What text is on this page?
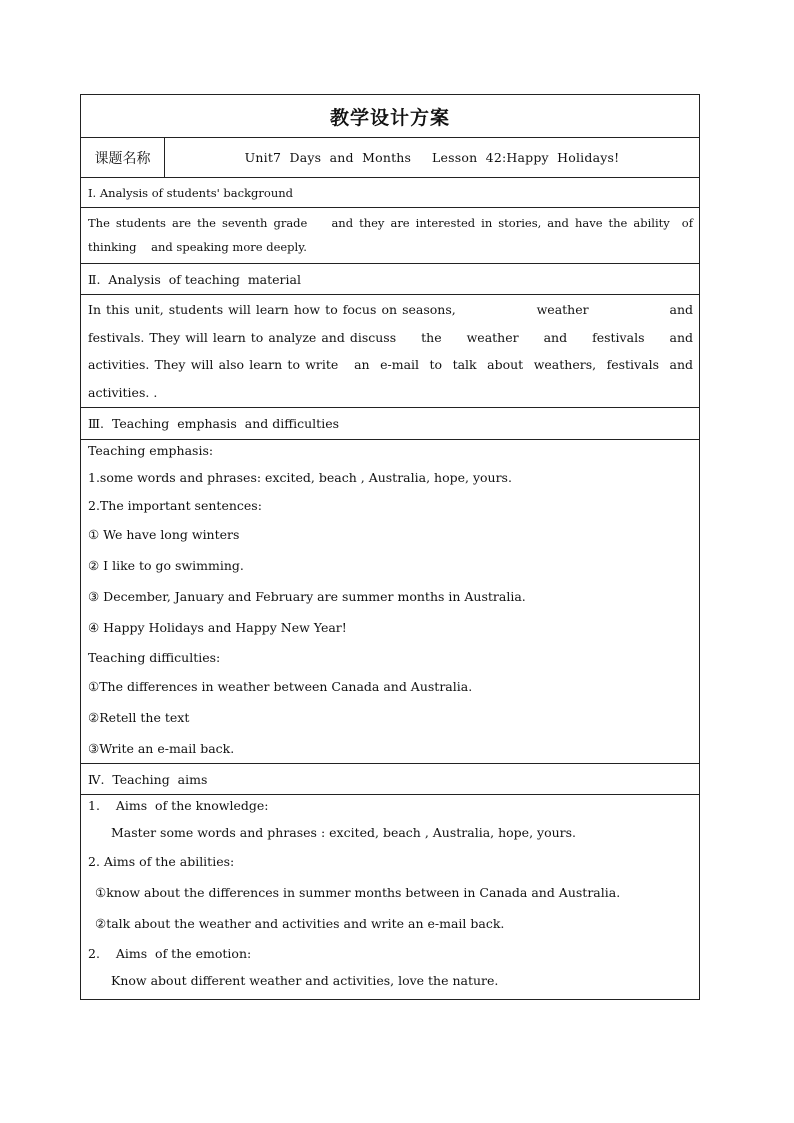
教学设计方案
课题名称	Unit7  Days  and  Months     Lesson  42:Happy  Holidays!
Ⅰ. Analysis of students' background
The students are the seventh grade    and they are interested in stories, and have the ability  of thinking    and speaking more deeply.
Ⅱ.  Analysis  of teaching  material
In this unit, students will learn how to focus on seasons,                weather                and festivals. They will learn to analyze and discuss     the     weather     and     festivals     and activities. They will also learn to write   an  e-mail  to  talk  about  weathers,  festivals  and activities. .
Ⅲ.  Teaching  emphasis  and difficulties
Teaching emphasis:
1.some words and phrases: excited, beach , Australia, hope, yours.
2.The important sentences:
① We have long winters
② I like to go swimming.
③ December, January and February are summer months in Australia.
④ Happy Holidays and Happy New Year!
Teaching difficulties:
①The differences in weather between Canada and Australia.
②Retell the text
③Write an e-mail back.
Ⅳ.  Teaching  aims
1.    Aims  of the knowledge:
Master some words and phrases : excited, beach , Australia, hope, yours.
2. Aims of the abilities:
①know about the differences in summer months between in Canada and Australia.
②talk about the weather and activities and write an e-mail back.
2.    Aims  of the emotion:
Know about different weather and activities, love the nature.
